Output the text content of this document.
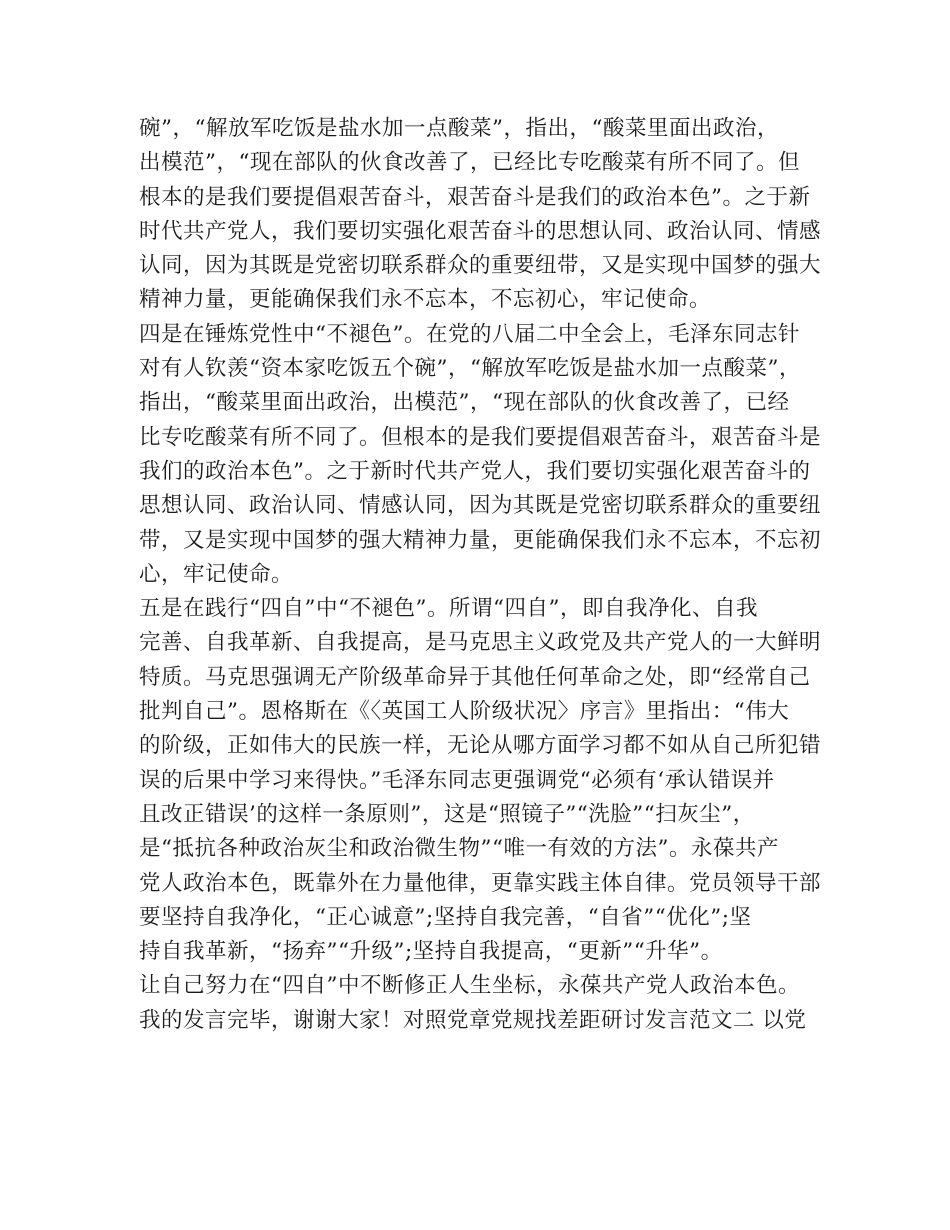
碗”，“解放军吃饭是盐水加一点酸菜”，指出，“酸菜里面出政治，
出模范”，“现在部队的伙食改善了，已经比专吃酸菜有所不同了。但
根本的是我们要提倡艰苦奋斗，艰苦奋斗是我们的政治本色”。之于新
时代共产党人，我们要切实强化艰苦奋斗的思想认同、政治认同、情感
认同，因为其既是党密切联系群众的重要纽带，又是实现中国梦的强大
精神力量，更能确保我们永不忘本，不忘初心，牢记使命。
四是在锤炼党性中“不褪色”。在党的八届二中全会上，毛泽东同志针
对有人钦羡“资本家吃饭五个碗”，“解放军吃饭是盐水加一点酸菜”，
指出，“酸菜里面出政治，出模范”，“现在部队的伙食改善了，已经
比专吃酸菜有所不同了。但根本的是我们要提倡艰苦奋斗，艰苦奋斗是
我们的政治本色”。之于新时代共产党人，我们要切实强化艰苦奋斗的
思想认同、政治认同、情感认同，因为其既是党密切联系群众的重要纽
带，又是实现中国梦的强大精神力量，更能确保我们永不忘本，不忘初
心，牢记使命。
五是在践行“四自”中“不褪色”。所谓“四自”，即自我净化、自我
完善、自我革新、自我提高，是马克思主义政党及共产党人的一大鲜明
特质。马克思强调无产阶级革命异于其他任何革命之处，即“经常自己
批判自己”。恩格斯在《〈英国工人阶级状况〉序言》里指出：“伟大
的阶级，正如伟大的民族一样，无论从哪方面学习都不如从自己所犯错
误的后果中学习来得快。”毛泽东同志更强调党“必须有‘承认错误并
且改正错误’的这样一条原则”，这是“照镜子”“洗脸”“扫灰尘”，
是“抵抗各种政治灰尘和政治微生物”“唯一有效的方法”。永葆共产
党人政治本色，既靠外在力量他律，更靠实践主体自律。党员领导干部
要坚持自我净化，“正心诚意”;坚持自我完善，“自省”“优化”;坚
持自我革新，“扬弃”“升级”;坚持自我提高，“更新”“升华”。
让自己努力在“四自”中不断修正人生坐标，永葆共产党人政治本色。
我的发言完毕，谢谢大家！对照党章党规找差距研讨发言范文二 以党
